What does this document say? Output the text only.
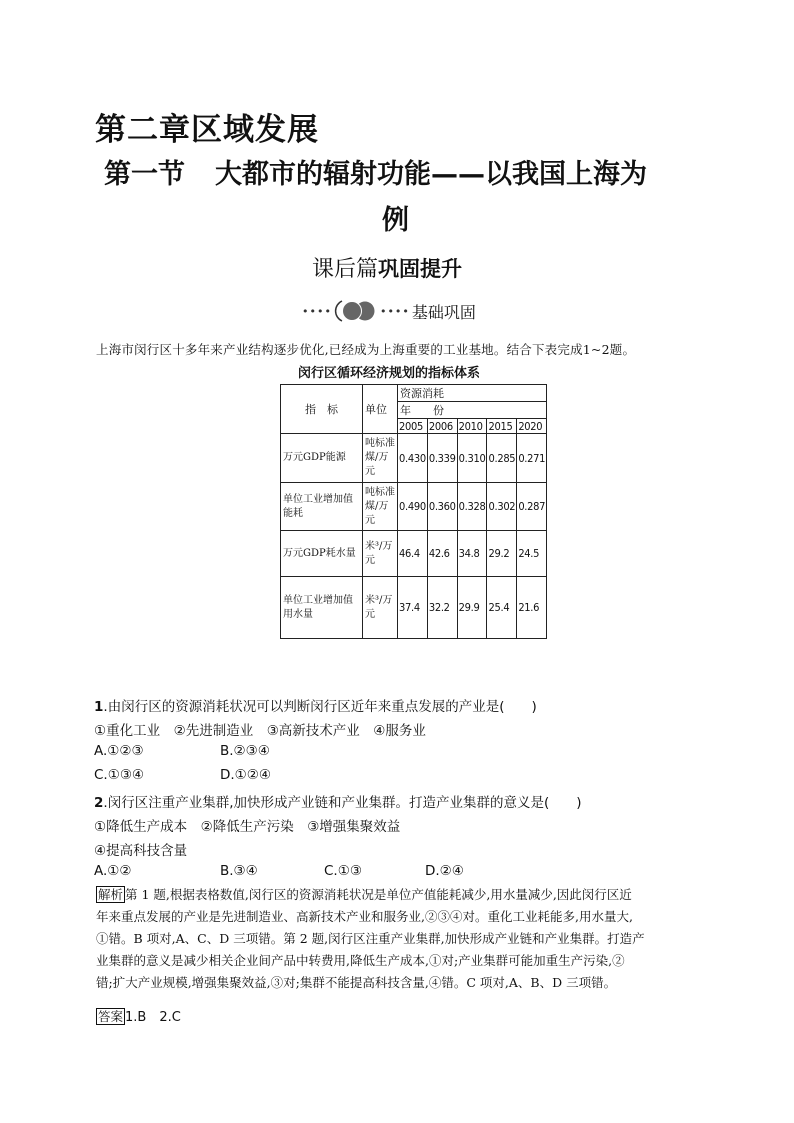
第二章区域发展
第一节 大都市的辐射功能——以我国上海为
例
课后篇巩固提升
••••	•••• 基础巩固
上海市闵行区十多年来产业结构逐步优化,已经成为上海重要的工业基地。结合下表完成1~2题。
闵行区循环经济规划的指标体系
指　标	单位	资源消耗				
		年　　份				
		2005	2006	2010	2015	2020
万元GDP能源	吨标准煤/万元	0.430	0.339	0.310	0.285	0.271
单位工业增加值能耗	吨标准煤/万元	0.490	0.360	0.328	0.302	0.287
万元GDP耗水量	米³/万元	46.4	42.6	34.8	29.2	24.5
单位工业增加值用水量	米³/万元	37.4	32.2	29.9	25.4	21.6
1.由闵行区的资源消耗状况可以判断闵行区近年来重点发展的产业是(　　)
①重化工业　②先进制造业　③高新技术产业　④服务业
A.①②③	B.②③④
C.①③④	D.①②④
2.闵行区注重产业集群,加快形成产业链和产业集群。打造产业集群的意义是(　　)
①降低生产成本　②降低生产污染　③增强集聚效益
④提高科技含量
A.①②	B.③④	C.①③	D.②④
解析 第 1 题,根据表格数值,闵行区的资源消耗状况是单位产值能耗减少,用水量减少,因此闵行区近
年来重点发展的产业是先进制造业、高新技术产业和服务业,②③④对。重化工业耗能多,用水量大,
①错。B 项对,A、C、D 三项错。第 2 题,闵行区注重产业集群,加快形成产业链和产业集群。打造产
业集群的意义是减少相关企业间产品中转费用,降低生产成本,①对;产业集群可能加重生产污染,②
错;扩大产业规模,增强集聚效益,③对;集群不能提高科技含量,④错。C 项对,A、B、D 三项错。
答案 1.B　2.C
